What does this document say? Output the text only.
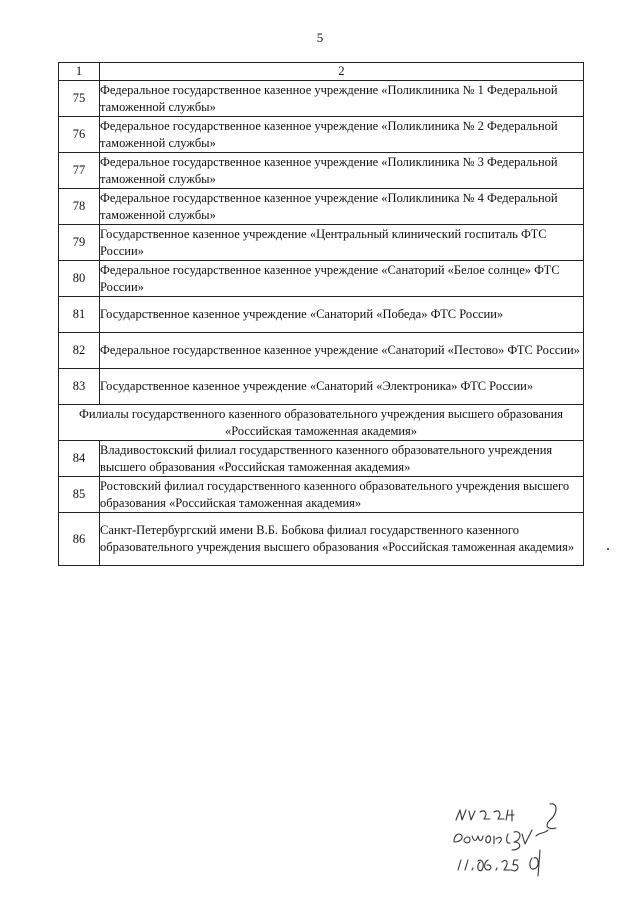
5
1	2
75	Федеральное государственное казенное учреждение «Поликлиника № 1 Федеральной таможенной службы»
76	Федеральное государственное казенное учреждение «Поликлиника № 2 Федеральной таможенной службы»
77	Федеральное государственное казенное учреждение «Поликлиника № 3 Федеральной таможенной службы»
78	Федеральное государственное казенное учреждение «Поликлиника № 4 Федеральной таможенной службы»
79	Государственное казенное учреждение «Центральный клинический госпиталь ФТС России»
80	Федеральное государственное казенное учреждение «Санаторий «Белое солнце» ФТС России»
81	Государственное казенное учреждение «Санаторий «Победа» ФТС России»
82	Федеральное государственное казенное учреждение «Санаторий «Пестово» ФТС России»
83	Государственное казенное учреждение «Санаторий «Электроника» ФТС России»
Филиалы государственного казенного образовательного учреждения высшего образования «Российская таможенная академия»	
84	Владивостокский филиал государственного казенного образовательного учреждения высшего образования «Российская таможенная академия»
85	Ростовский филиал государственного казенного образовательного учреждения высшего образования «Российская таможенная академия»
86	Санкт-Петербургский имени В.Б. Бобкова филиал государственного казенного образовательного учреждения высшего образования «Российская таможенная академия»
